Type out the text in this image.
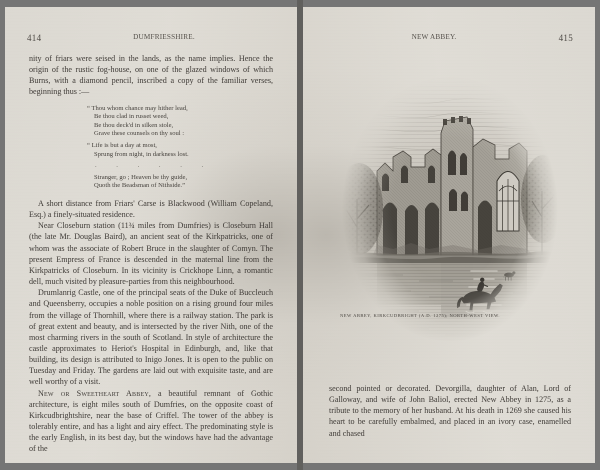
414	DUMFRIESSHIRE.

nity of friars were seised in the lands, as the name implies. Hence the origin of the rustic fog-house, on one of the glazed windows of which Burns, with a diamond pencil, inscribed a copy of the familiar verses, beginning thus :—

“ Thou whom chance may hither lead,
Be thou clad in russet weed,
Be thou deck'd in silken stole,
Grave these counsels on thy soul :
“ Life is but a day at most,
Sprung from night, in darkness lost.
. . . . . .
Stranger, go ; Heaven be thy guide,
Quoth the Beadsman of Nithside.”

A short distance from Friars' Carse is Blackwood (William Copeland, Esq.) a finely-situated residence.

Near Closeburn station (11¾ miles from Dumfries) is Closeburn Hall (the late Mr. Douglas Baird), an ancient seat of the Kirkpatricks, one of whom was the associate of Robert Bruce in the slaughter of Comyn. The present Empress of France is descended in the maternal line from the Kirkpatricks of Closeburn. In its vicinity is Crickhope Linn, a romantic dell, much visited by pleasure-parties from this neighbourhood.

Drumlanrig Castle, one of the principal seats of the Duke of Buccleuch and Queensberry, occupies a noble position on a rising ground four miles from the village of Thornhill, where there is a railway station. The park is of great extent and beauty, and is intersected by the river Nith, one of the most charming rivers in the south of Scotland. In style of architecture the castle approximates to Heriot's Hospital in Edinburgh, and, like that building, its design is attributed to Inigo Jones. It is open to the public on Tuesday and Friday. The gardens are laid out with exquisite taste, and are well worthy of a visit.

New or Sweetheart Abbey, a beautiful remnant of Gothic architecture, is eight miles south of Dumfries, on the opposite coast of Kirkcudbrightshire, near the base of Criffel. The tower of the abbey is tolerably entire, and has a light and airy effect. The predominating style is the early English, in its best day, but the windows have had the advantage of the

NEW ABBEY.	415
NEW ABBEY, KIRKCUDBRIGHT (A.D. 1275); NORTH-WEST VIEW.

second pointed or decorated. Devorgilla, daughter of Alan, Lord of Galloway, and wife of John Baliol, erected New Abbey in 1275, as a tribute to the memory of her husband. At his death in 1269 she caused his heart to be carefully embalmed, and placed in an ivory case, enamelled and chased
